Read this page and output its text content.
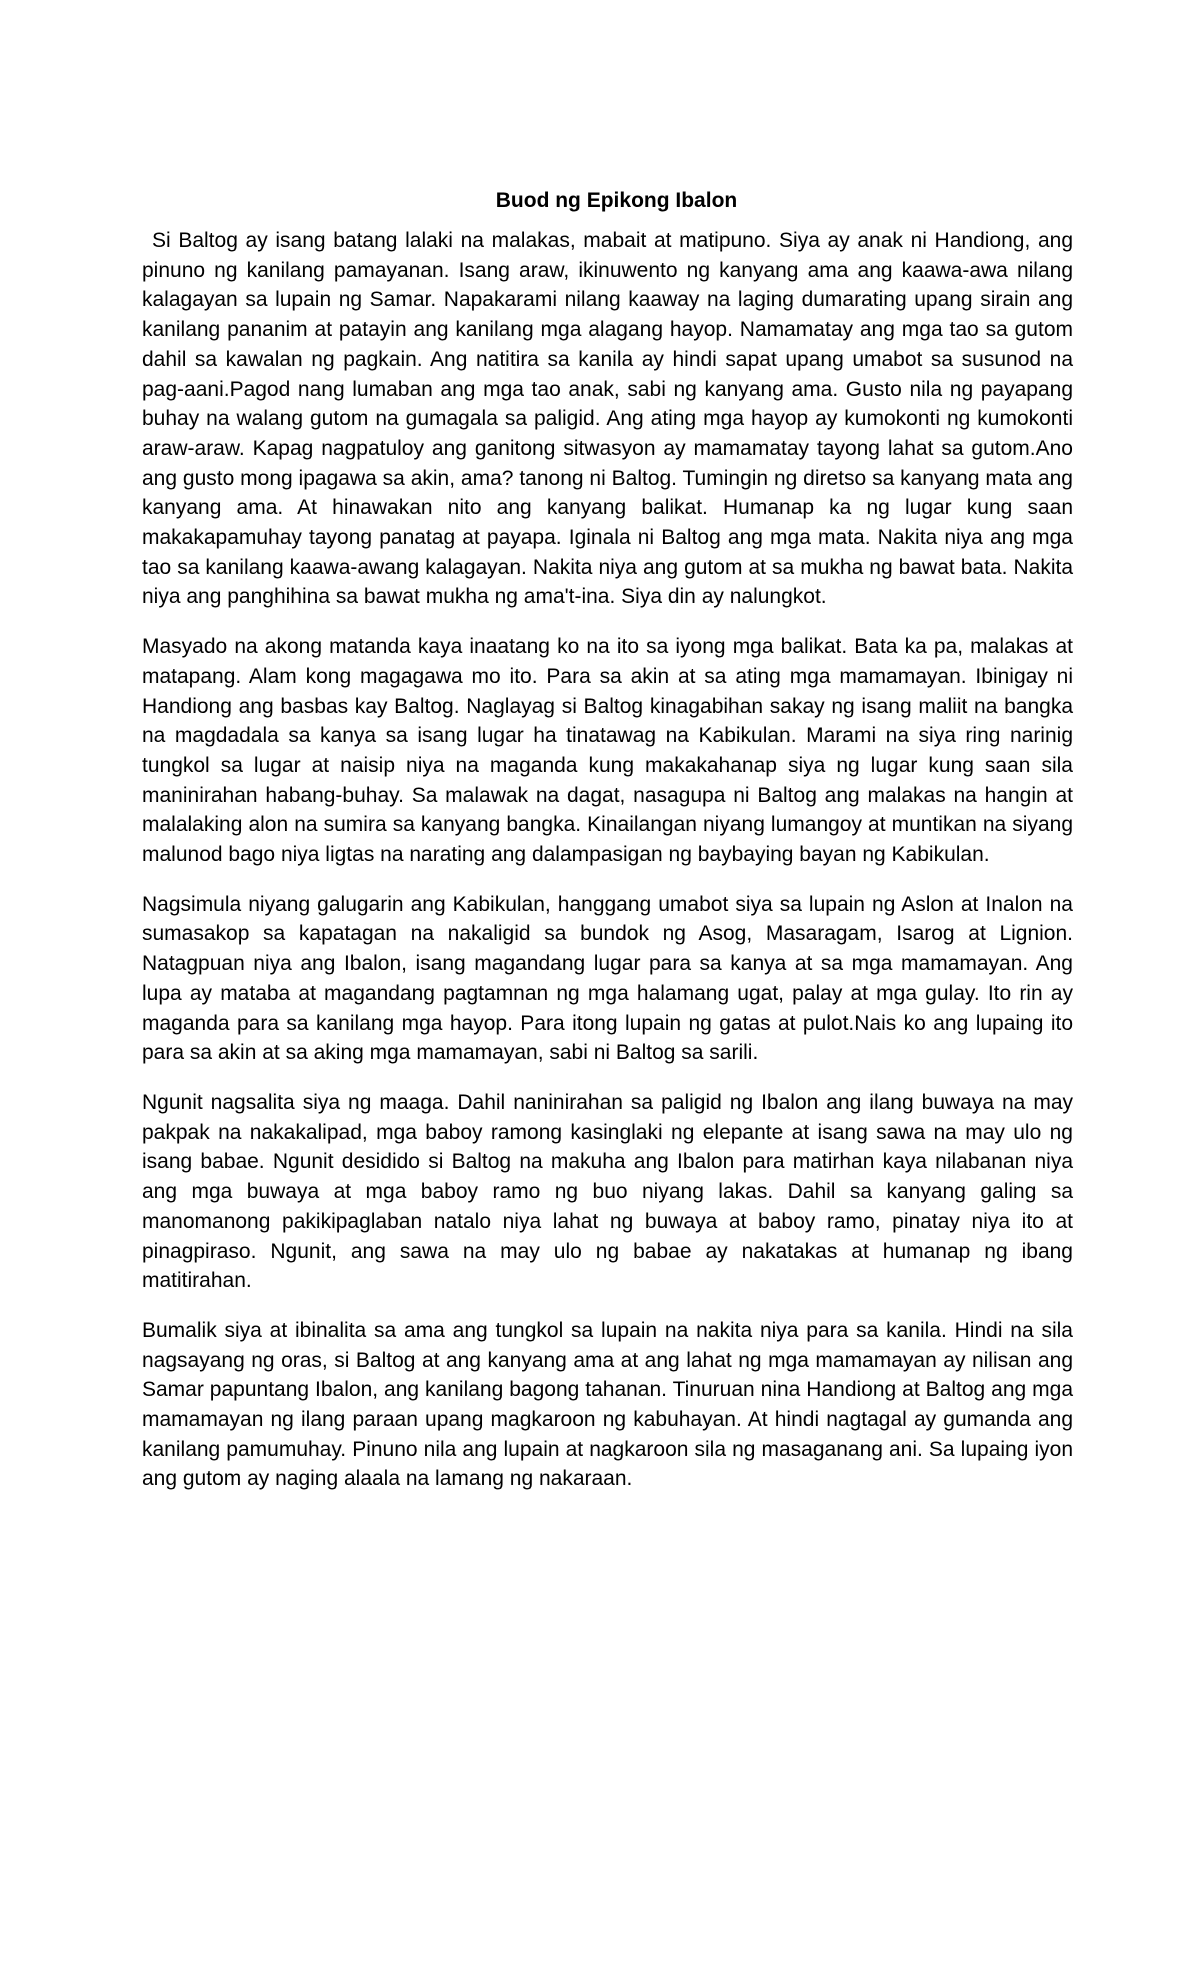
Buod ng Epikong Ibalon

Si Baltog ay isang batang lalaki na malakas, mabait at matipuno. Siya ay anak ni Handiong, ang pinuno ng kanilang pamayanan. Isang araw, ikinuwento ng kanyang ama ang kaawa-awa nilang kalagayan sa lupain ng Samar. Napakarami nilang kaaway na laging dumarating upang sirain ang kanilang pananim at patayin ang kanilang mga alagang hayop. Namamatay ang mga tao sa gutom dahil sa kawalan ng pagkain. Ang natitira sa kanila ay hindi sapat upang umabot sa susunod na pag-aani.Pagod nang lumaban ang mga tao anak, sabi ng kanyang ama. Gusto nila ng payapang buhay na walang gutom na gumagala sa paligid. Ang ating mga hayop ay kumokonti ng kumokonti araw-araw. Kapag nagpatuloy ang ganitong sitwasyon ay mamamatay tayong lahat sa gutom.Ano ang gusto mong ipagawa sa akin, ama? tanong ni Baltog. Tumingin ng diretso sa kanyang mata ang kanyang ama. At hinawakan nito ang kanyang balikat. Humanap ka ng lugar kung saan makakapamuhay tayong panatag at payapa. Iginala ni Baltog ang mga mata. Nakita niya ang mga tao sa kanilang kaawa-awang kalagayan. Nakita niya ang gutom at sa mukha ng bawat bata. Nakita niya ang panghihina sa bawat mukha ng ama't-ina. Siya din ay nalungkot.

Masyado na akong matanda kaya inaatang ko na ito sa iyong mga balikat. Bata ka pa, malakas at matapang. Alam kong magagawa mo ito. Para sa akin at sa ating mga mamamayan. Ibinigay ni Handiong ang basbas kay Baltog. Naglayag si Baltog kinagabihan sakay ng isang maliit na bangka na magdadala sa kanya sa isang lugar ha tinatawag na Kabikulan. Marami na siya ring narinig tungkol sa lugar at naisip niya na maganda kung makakahanap siya ng lugar kung saan sila maninirahan habang-buhay. Sa malawak na dagat, nasagupa ni Baltog ang malakas na hangin at malalaking alon na sumira sa kanyang bangka. Kinailangan niyang lumangoy at muntikan na siyang malunod bago niya ligtas na narating ang dalampasigan ng baybaying bayan ng Kabikulan.

Nagsimula niyang galugarin ang Kabikulan, hanggang umabot siya sa lupain ng Aslon at Inalon na sumasakop sa kapatagan na nakaligid sa bundok ng Asog, Masaragam, Isarog at Lignion. Natagpuan niya ang Ibalon, isang magandang lugar para sa kanya at sa mga mamamayan. Ang lupa ay mataba at magandang pagtamnan ng mga halamang ugat, palay at mga gulay. Ito rin ay maganda para sa kanilang mga hayop. Para itong lupain ng gatas at pulot.Nais ko ang lupaing ito para sa akin at sa aking mga mamamayan, sabi ni Baltog sa sarili.

Ngunit nagsalita siya ng maaga. Dahil naninirahan sa paligid ng Ibalon ang ilang buwaya na may pakpak na nakakalipad, mga baboy ramong kasinglaki ng elepante at isang sawa na may ulo ng isang babae. Ngunit desidido si Baltog na makuha ang Ibalon para matirhan kaya nilabanan niya ang mga buwaya at mga baboy ramo ng buo niyang lakas. Dahil sa kanyang galing sa manomanong pakikipaglaban natalo niya lahat ng buwaya at baboy ramo, pinatay niya ito at pinagpiraso. Ngunit, ang sawa na may ulo ng babae ay nakatakas at humanap ng ibang matitirahan.

Bumalik siya at ibinalita sa ama ang tungkol sa lupain na nakita niya para sa kanila. Hindi na sila nagsayang ng oras, si Baltog at ang kanyang ama at ang lahat ng mga mamamayan ay nilisan ang Samar papuntang Ibalon, ang kanilang bagong tahanan. Tinuruan nina Handiong at Baltog ang mga mamamayan ng ilang paraan upang magkaroon ng kabuhayan. At hindi nagtagal ay gumanda ang kanilang pamumuhay. Pinuno nila ang lupain at nagkaroon sila ng masaganang ani. Sa lupaing iyon ang gutom ay naging alaala na lamang ng nakaraan.
